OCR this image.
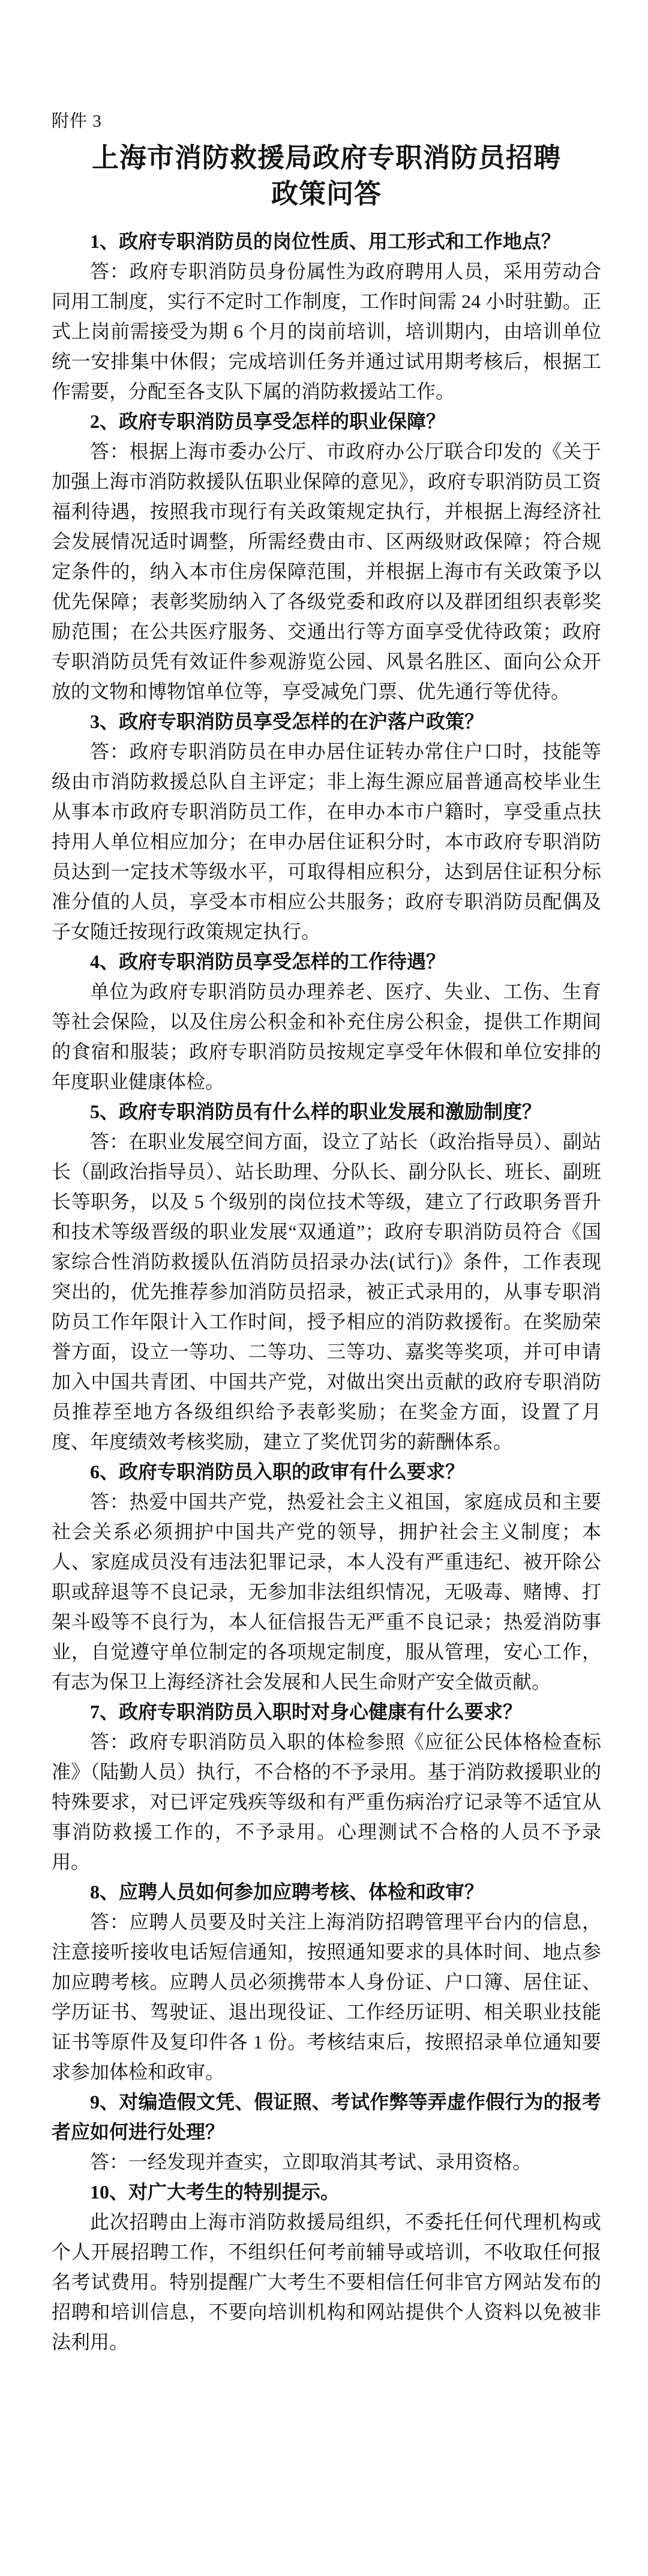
附件 3
上海市消防救援局政府专职消防员招聘
政策问答

1、政府专职消防员的岗位性质、用工形式和工作地点？

答：政府专职消防员身份属性为政府聘用人员，采用劳动合同用工制度，实行不定时工作制度，工作时间需 24 小时驻勤。正式上岗前需接受为期 6 个月的岗前培训，培训期内，由培训单位统一安排集中休假；完成培训任务并通过试用期考核后，根据工作需要，分配至各支队下属的消防救援站工作。

2、政府专职消防员享受怎样的职业保障？

答：根据上海市委办公厅、市政府办公厅联合印发的《关于加强上海市消防救援队伍职业保障的意见》，政府专职消防员工资福利待遇，按照我市现行有关政策规定执行，并根据上海经济社会发展情况适时调整，所需经费由市、区两级财政保障；符合规定条件的，纳入本市住房保障范围，并根据上海市有关政策予以优先保障；表彰奖励纳入了各级党委和政府以及群团组织表彰奖励范围；在公共医疗服务、交通出行等方面享受优待政策；政府专职消防员凭有效证件参观游览公园、风景名胜区、面向公众开放的文物和博物馆单位等，享受减免门票、优先通行等优待。

3、政府专职消防员享受怎样的在沪落户政策？

答：政府专职消防员在申办居住证转办常住户口时，技能等级由市消防救援总队自主评定；非上海生源应届普通高校毕业生从事本市政府专职消防员工作，在申办本市户籍时，享受重点扶持用人单位相应加分；在申办居住证积分时，本市政府专职消防员达到一定技术等级水平，可取得相应积分，达到居住证积分标准分值的人员，享受本市相应公共服务；政府专职消防员配偶及子女随迁按现行政策规定执行。

4、政府专职消防员享受怎样的工作待遇？

单位为政府专职消防员办理养老、医疗、失业、工伤、生育等社会保险，以及住房公积金和补充住房公积金，提供工作期间的食宿和服装；政府专职消防员按规定享受年休假和单位安排的年度职业健康体检。

5、政府专职消防员有什么样的职业发展和激励制度？

答：在职业发展空间方面，设立了站长（政治指导员）、副站长（副政治指导员）、站长助理、分队长、副分队长、班长、副班长等职务，以及 5 个级别的岗位技术等级，建立了行政职务晋升和技术等级晋级的职业发展“双通道”；政府专职消防员符合《国家综合性消防救援队伍消防员招录办法(试行)》条件，工作表现突出的，优先推荐参加消防员招录，被正式录用的，从事专职消防员工作年限计入工作时间，授予相应的消防救援衔。在奖励荣誉方面，设立一等功、二等功、三等功、嘉奖等奖项，并可申请加入中国共青团、中国共产党，对做出突出贡献的政府专职消防员推荐至地方各级组织给予表彰奖励；在奖金方面，设置了月度、年度绩效考核奖励，建立了奖优罚劣的薪酬体系。

6、政府专职消防员入职的政审有什么要求？

答：热爱中国共产党，热爱社会主义祖国，家庭成员和主要社会关系必须拥护中国共产党的领导，拥护社会主义制度；本人、家庭成员没有违法犯罪记录，本人没有严重违纪、被开除公职或辞退等不良记录，无参加非法组织情况，无吸毒、赌博、打架斗殴等不良行为，本人征信报告无严重不良记录；热爱消防事业，自觉遵守单位制定的各项规定制度，服从管理，安心工作，有志为保卫上海经济社会发展和人民生命财产安全做贡献。

7、政府专职消防员入职时对身心健康有什么要求？

答：政府专职消防员入职的体检参照《应征公民体格检查标准》（陆勤人员）执行，不合格的不予录用。基于消防救援职业的特殊要求，对已评定残疾等级和有严重伤病治疗记录等不适宜从事消防救援工作的，不予录用。心理测试不合格的人员不予录用。

8、应聘人员如何参加应聘考核、体检和政审？

答：应聘人员要及时关注上海消防招聘管理平台内的信息，注意接听接收电话短信通知，按照通知要求的具体时间、地点参加应聘考核。应聘人员必须携带本人身份证、户口簿、居住证、学历证书、驾驶证、退出现役证、工作经历证明、相关职业技能证书等原件及复印件各 1 份。考核结束后，按照招录单位通知要求参加体检和政审。

9、对编造假文凭、假证照、考试作弊等弄虚作假行为的报考者应如何进行处理？

答：一经发现并查实，立即取消其考试、录用资格。

10、对广大考生的特别提示。

此次招聘由上海市消防救援局组织，不委托任何代理机构或个人开展招聘工作，不组织任何考前辅导或培训，不收取任何报名考试费用。特别提醒广大考生不要相信任何非官方网站发布的招聘和培训信息，不要向培训机构和网站提供个人资料以免被非法利用。
